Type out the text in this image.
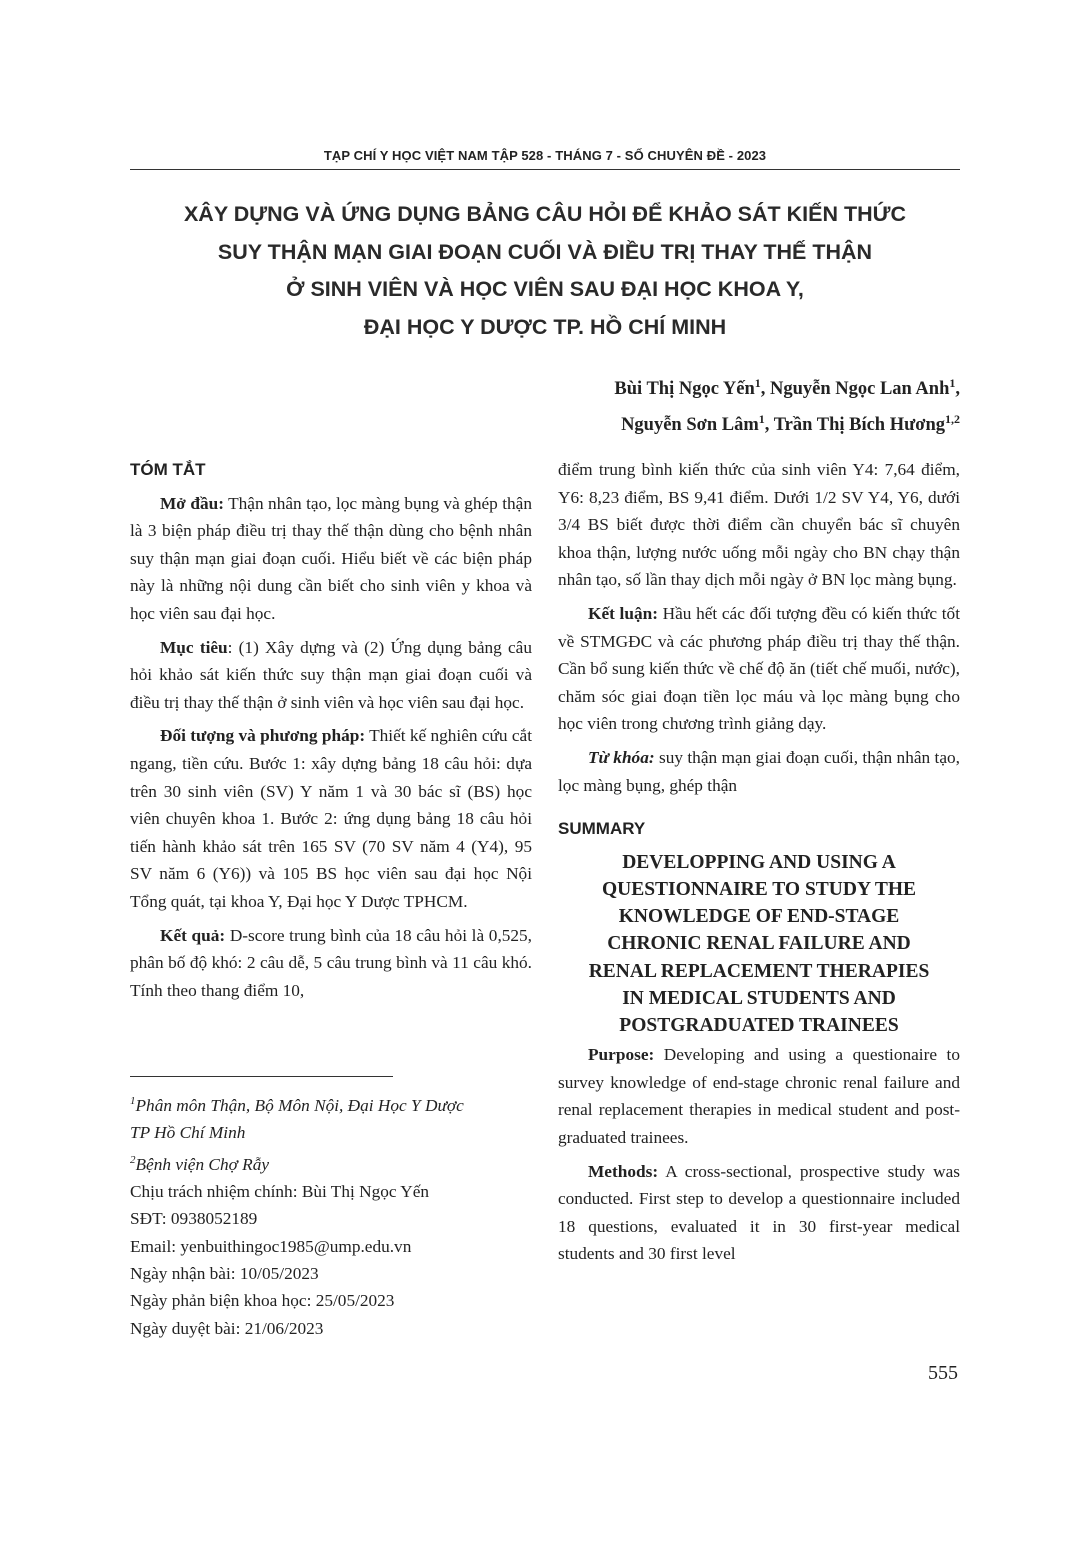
TẠP CHÍ Y HỌC VIỆT NAM TẬP 528 - THÁNG 7 - SỐ CHUYÊN ĐỀ - 2023
XÂY DỰNG VÀ ỨNG DỤNG BẢNG CÂU HỎI ĐỂ KHẢO SÁT KIẾN THỨC
SUY THẬN MẠN GIAI ĐOẠN CUỐI VÀ ĐIỀU TRỊ THAY THẾ THẬN
Ở SINH VIÊN VÀ HỌC VIÊN SAU ĐẠI HỌC KHOA Y,
ĐẠI HỌC Y DƯỢC TP. HỒ CHÍ MINH
Bùi Thị Ngọc Yến$^1$, Nguyễn Ngọc Lan Anh$^1$,
Nguyễn Sơn Lâm$^1$, Trần Thị Bích Hương$^{1,2}$
TÓM TẮT

Mở đầu: Thận nhân tạo, lọc màng bụng và ghép thận là 3 biện pháp điều trị thay thế thận dùng cho bệnh nhân suy thận mạn giai đoạn cuối. Hiểu biết về các biện pháp này là những nội dung cần biết cho sinh viên y khoa và học viên sau đại học.

Mục tiêu: (1) Xây dựng và (2) Ứng dụng bảng câu hỏi khảo sát kiến thức suy thận mạn giai đoạn cuối và điều trị thay thế thận ở sinh viên và học viên sau đại học.

Đối tượng và phương pháp: Thiết kế nghiên cứu cắt ngang, tiền cứu. Bước 1: xây dựng bảng 18 câu hỏi: dựa trên 30 sinh viên (SV) Y năm 1 và 30 bác sĩ (BS) học viên chuyên khoa 1. Bước 2: ứng dụng bảng 18 câu hỏi tiến hành khảo sát trên 165 SV (70 SV năm 4 (Y4), 95 SV năm 6 (Y6)) và 105 BS học viên sau đại học Nội Tổng quát, tại khoa Y, Đại học Y Dược TPHCM.

Kết quả: D-score trung bình của 18 câu hỏi là 0,525, phân bố độ khó: 2 câu dễ, 5 câu trung bình và 11 câu khó. Tính theo thang điểm 10,

$^1$Phân môn Thận, Bộ Môn Nội, Đại Học Y Dược
TP Hồ Chí Minh
$^2$Bệnh viện Chợ Rẫy
Chịu trách nhiệm chính: Bùi Thị Ngọc Yến
SĐT: 0938052189
Email: yenbuithingoc1985@ump.edu.vn
Ngày nhận bài: 10/05/2023
Ngày phản biện khoa học: 25/05/2023
Ngày duyệt bài: 21/06/2023

điểm trung bình kiến thức của sinh viên Y4: 7,64 điểm, Y6: 8,23 điểm, BS 9,41 điểm. Dưới 1/2 SV Y4, Y6, dưới 3/4 BS biết được thời điểm cần chuyển bác sĩ chuyên khoa thận, lượng nước uống mỗi ngày cho BN chạy thận nhân tạo, số lần thay dịch mỗi ngày ở BN lọc màng bụng.

Kết luận: Hầu hết các đối tượng đều có kiến thức tốt về STMGĐC và các phương pháp điều trị thay thế thận. Cần bổ sung kiến thức về chế độ ăn (tiết chế muối, nước), chăm sóc giai đoạn tiền lọc máu và lọc màng bụng cho học viên trong chương trình giảng dạy.

Từ khóa: suy thận mạn giai đoạn cuối, thận nhân tạo, lọc màng bụng, ghép thận

SUMMARY
DEVELOPPING AND USING A
QUESTIONNAIRE TO STUDY THE
KNOWLEDGE OF END-STAGE
CHRONIC RENAL FAILURE AND
RENAL REPLACEMENT THERAPIES
IN MEDICAL STUDENTS AND
POSTGRADUATED TRAINEES

Purpose: Developing and using a questionaire to survey knowledge of end-stage chronic renal failure and renal replacement therapies in medical student and post-graduated trainees.

Methods: A cross-sectional, prospective study was conducted. First step to develop a questionnaire included 18 questions, evaluated it in 30 first-year medical students and 30 first level

555
